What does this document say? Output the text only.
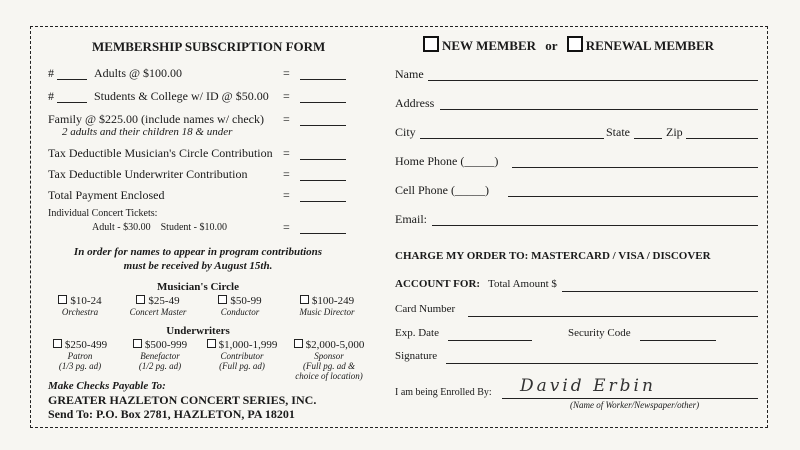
MEMBERSHIP SUBSCRIPTION FORM
#	Adults @ $100.00	=
#	Students & College w/ ID @ $50.00 =
Family @ $225.00 (include names w/ check)
2 adults and their children 18 & under
=
Tax Deductible Musician's Circle Contribution =
Tax Deductible Underwriter Contribution	=
Total Payment Enclosed	=
Individual Concert Tickets:
Adult - $30.00    Student - $10.00	=
In order for names to appear in program contributions
must be received by August 15th.
Musician's Circle
$10-24
Orchestra
$25-49
Concert Master
$50-99
Conductor
$100-249
Music Director
Underwriters
$250-499
Patron
(1/3 pg. ad)
$500-999
Benefactor
(1/2 pg. ad)
$1,000-1,999
Contributor
(Full pg. ad)
$2,000-5,000
Sponsor
(Full pg. ad &
choice of location)
Make Checks Payable To:
GREATER HAZLETON CONCERT SERIES, INC.
Send To: P.O. Box 2781, HAZLETON, PA 18201
NEW MEMBER or RENEWAL MEMBER
Name
Address
City	State	Zip
Home Phone (_____)
Cell Phone (_____)
Email:
CHARGE MY ORDER TO: MASTERCARD / VISA / DISCOVER
ACCOUNT FOR: Total Amount $
Card Number
Exp. Date	Security Code
Signature
I am being Enrolled By: David Erbin
(Name of Worker/Newspaper/other)
